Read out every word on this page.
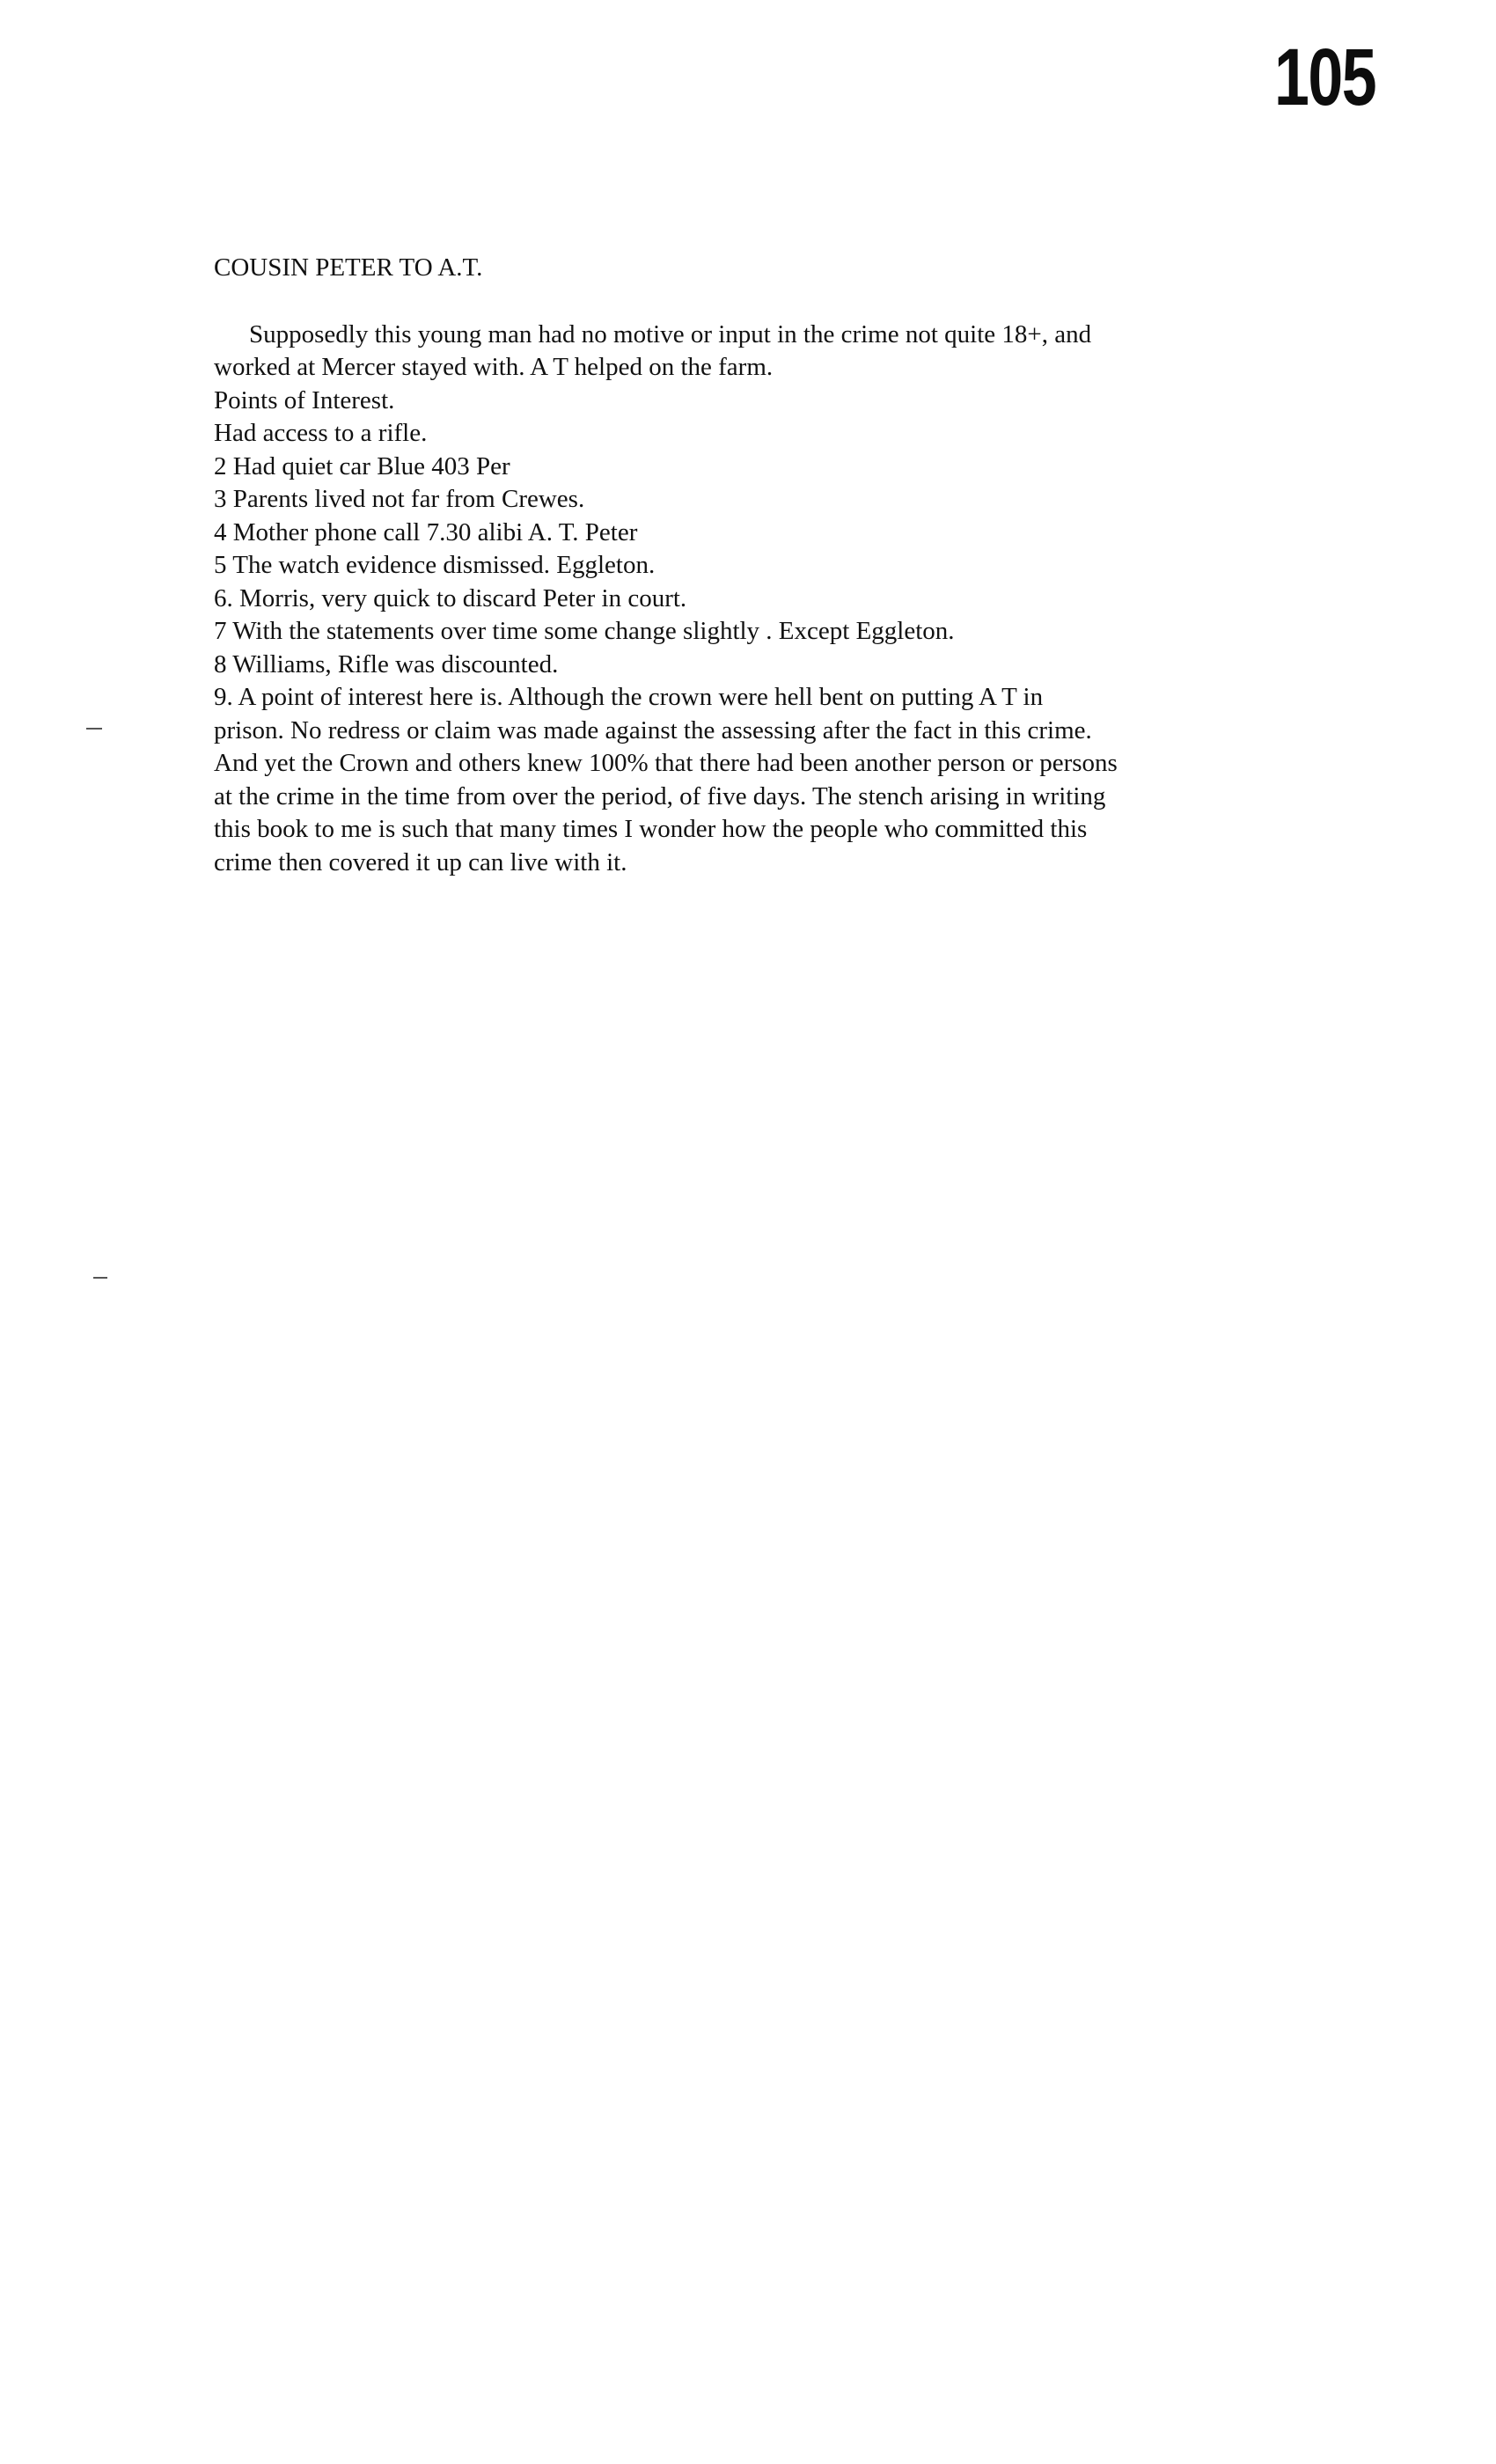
105

COUSIN PETER TO A.T.

Supposedly this young man had no motive or input in the crime not quite 18+, and

worked at Mercer stayed with. A T helped on the farm.

Points of Interest.

Had access to a rifle.

2 Had quiet car Blue 403 Per

3 Parents lived not far from Crewes.

4 Mother phone call 7.30 alibi A. T. Peter

5 The watch evidence dismissed. Eggleton.

6. Morris, very quick to discard Peter in court.

7 With the statements over time some change slightly . Except Eggleton.

8 Williams, Rifle was discounted.

9. A point of interest here is. Although the crown were hell bent on putting A T in

prison. No redress or claim was made against the assessing after the fact in this crime.

And yet the Crown and others knew 100% that there had been another person or persons

at the crime in the time from over the period, of five days. The stench arising in writing

this book to me is such that many times I wonder how the people who committed this

crime then covered it up can live with it.
